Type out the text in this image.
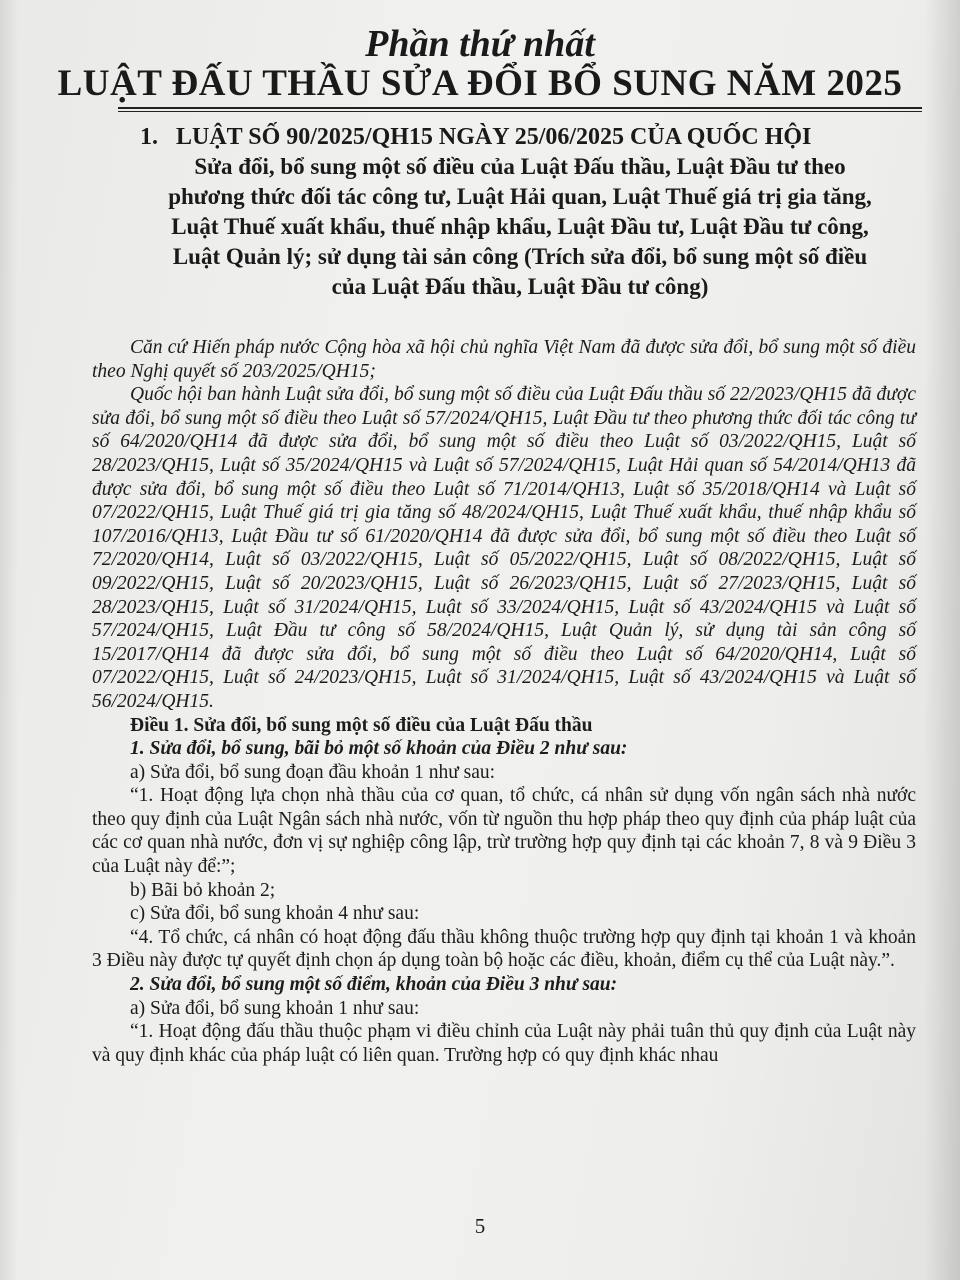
Phần thứ nhất
LUẬT ĐẤU THẦU SỬA ĐỔI BỔ SUNG NĂM 2025
1. LUẬT SỐ 90/2025/QH15 NGÀY 25/06/2025 CỦA QUỐC HỘI
Sửa đổi, bổ sung một số điều của Luật Đấu thầu, Luật Đầu tư theo
phương thức đối tác công tư, Luật Hải quan, Luật Thuế giá trị gia tăng,
Luật Thuế xuất khẩu, thuế nhập khẩu, Luật Đầu tư, Luật Đầu tư công,
Luật Quản lý; sử dụng tài sản công (Trích sửa đổi, bổ sung một số điều
của Luật Đấu thầu, Luật Đầu tư công)

Căn cứ Hiến pháp nước Cộng hòa xã hội chủ nghĩa Việt Nam đã được sửa đổi, bổ sung một số điều theo Nghị quyết số 203/2025/QH15;

Quốc hội ban hành Luật sửa đổi, bổ sung một số điều của Luật Đấu thầu số 22/2023/QH15 đã được sửa đổi, bổ sung một số điều theo Luật số 57/2024/QH15, Luật Đầu tư theo phương thức đối tác công tư số 64/2020/QH14 đã được sửa đổi, bổ sung một số điều theo Luật số 03/2022/QH15, Luật số 28/2023/QH15, Luật số 35/2024/QH15 và Luật số 57/2024/QH15, Luật Hải quan số 54/2014/QH13 đã được sửa đổi, bổ sung một số điều theo Luật số 71/2014/QH13, Luật số 35/2018/QH14 và Luật số 07/2022/QH15, Luật Thuế giá trị gia tăng số 48/2024/QH15, Luật Thuế xuất khẩu, thuế nhập khẩu số 107/2016/QH13, Luật Đầu tư số 61/2020/QH14 đã được sửa đổi, bổ sung một số điều theo Luật số 72/2020/QH14, Luật số 03/2022/QH15, Luật số 05/2022/QH15, Luật số 08/2022/QH15, Luật số 09/2022/QH15, Luật số 20/2023/QH15, Luật số 26/2023/QH15, Luật số 27/2023/QH15, Luật số 28/2023/QH15, Luật số 31/2024/QH15, Luật số 33/2024/QH15, Luật số 43/2024/QH15 và Luật số 57/2024/QH15, Luật Đầu tư công số 58/2024/QH15, Luật Quản lý, sử dụng tài sản công số 15/2017/QH14 đã được sửa đổi, bổ sung một số điều theo Luật số 64/2020/QH14, Luật số 07/2022/QH15, Luật số 24/2023/QH15, Luật số 31/2024/QH15, Luật số 43/2024/QH15 và Luật số 56/2024/QH15.

Điều 1. Sửa đổi, bổ sung một số điều của Luật Đấu thầu

1. Sửa đổi, bổ sung, bãi bỏ một số khoản của Điều 2 như sau:

a) Sửa đổi, bổ sung đoạn đầu khoản 1 như sau:

“1. Hoạt động lựa chọn nhà thầu của cơ quan, tổ chức, cá nhân sử dụng vốn ngân sách nhà nước theo quy định của Luật Ngân sách nhà nước, vốn từ nguồn thu hợp pháp theo quy định của pháp luật của các cơ quan nhà nước, đơn vị sự nghiệp công lập, trừ trường hợp quy định tại các khoản 7, 8 và 9 Điều 3 của Luật này để:”;

b) Bãi bỏ khoản 2;

c) Sửa đổi, bổ sung khoản 4 như sau:

“4. Tổ chức, cá nhân có hoạt động đấu thầu không thuộc trường hợp quy định tại khoản 1 và khoản 3 Điều này được tự quyết định chọn áp dụng toàn bộ hoặc các điều, khoản, điểm cụ thể của Luật này.”.

2. Sửa đổi, bổ sung một số điểm, khoản của Điều 3 như sau:

a) Sửa đổi, bổ sung khoản 1 như sau:

“1. Hoạt động đấu thầu thuộc phạm vi điều chỉnh của Luật này phải tuân thủ quy định của Luật này và quy định khác của pháp luật có liên quan. Trường hợp có quy định khác nhau

5
